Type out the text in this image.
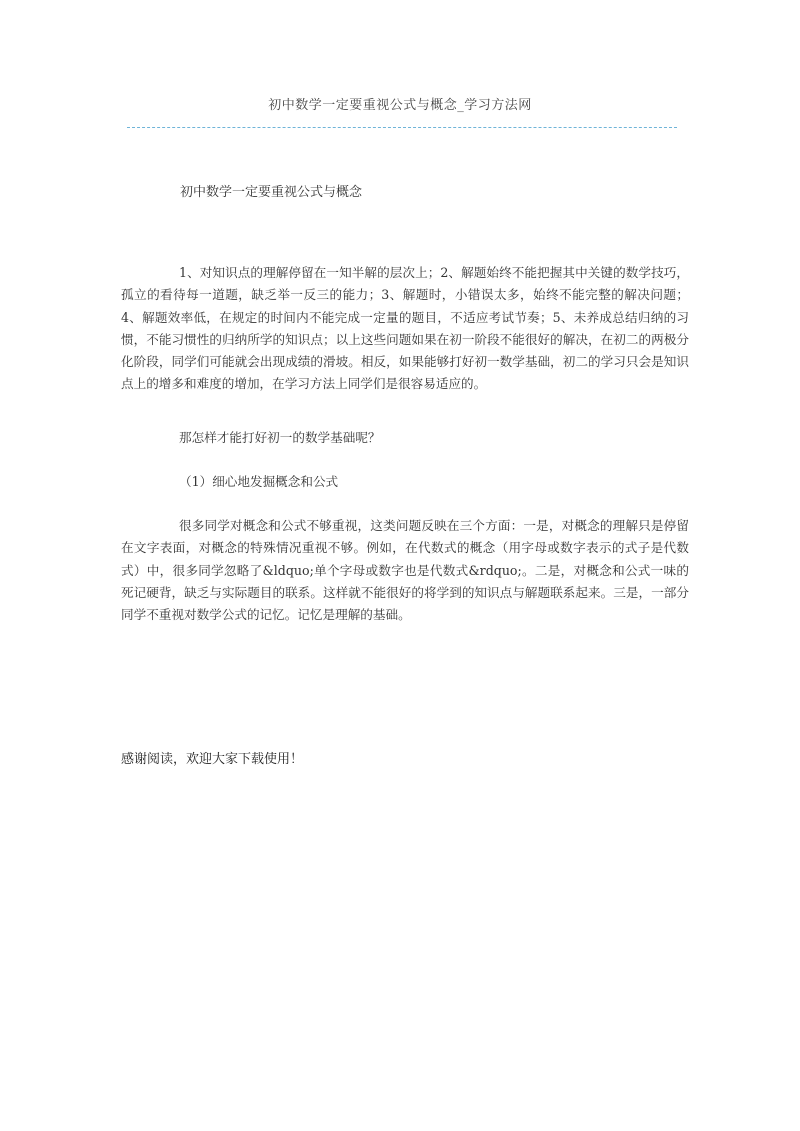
初中数学一定要重视公式与概念_学习方法网
初中数学一定要重视公式与概念

1、对知识点的理解停留在一知半解的层次上；2、解题始终不能把握其中关键的数学技巧，孤立的看待每一道题，缺乏举一反三的能力；3、解题时，小错误太多，始终不能完整的解决问题；4、解题效率低，在规定的时间内不能完成一定量的题目，不适应考试节奏；5、未养成总结归纳的习惯，不能习惯性的归纳所学的知识点；以上这些问题如果在初一阶段不能很好的解决，在初二的两极分化阶段，同学们可能就会出现成绩的滑坡。相反，如果能够打好初一数学基础，初二的学习只会是知识点上的增多和难度的增加，在学习方法上同学们是很容易适应的。

那怎样才能打好初一的数学基础呢？

（1）细心地发掘概念和公式

很多同学对概念和公式不够重视，这类问题反映在三个方面：一是，对概念的理解只是停留在文字表面，对概念的特殊情况重视不够。例如，在代数式的概念（用字母或数字表示的式子是代数式）中，很多同学忽略了&ldquo;单个字母或数字也是代数式&rdquo;。二是，对概念和公式一味的死记硬背，缺乏与实际题目的联系。这样就不能很好的将学到的知识点与解题联系起来。三是，一部分同学不重视对数学公式的记忆。记忆是理解的基础。

感谢阅读，欢迎大家下载使用！
